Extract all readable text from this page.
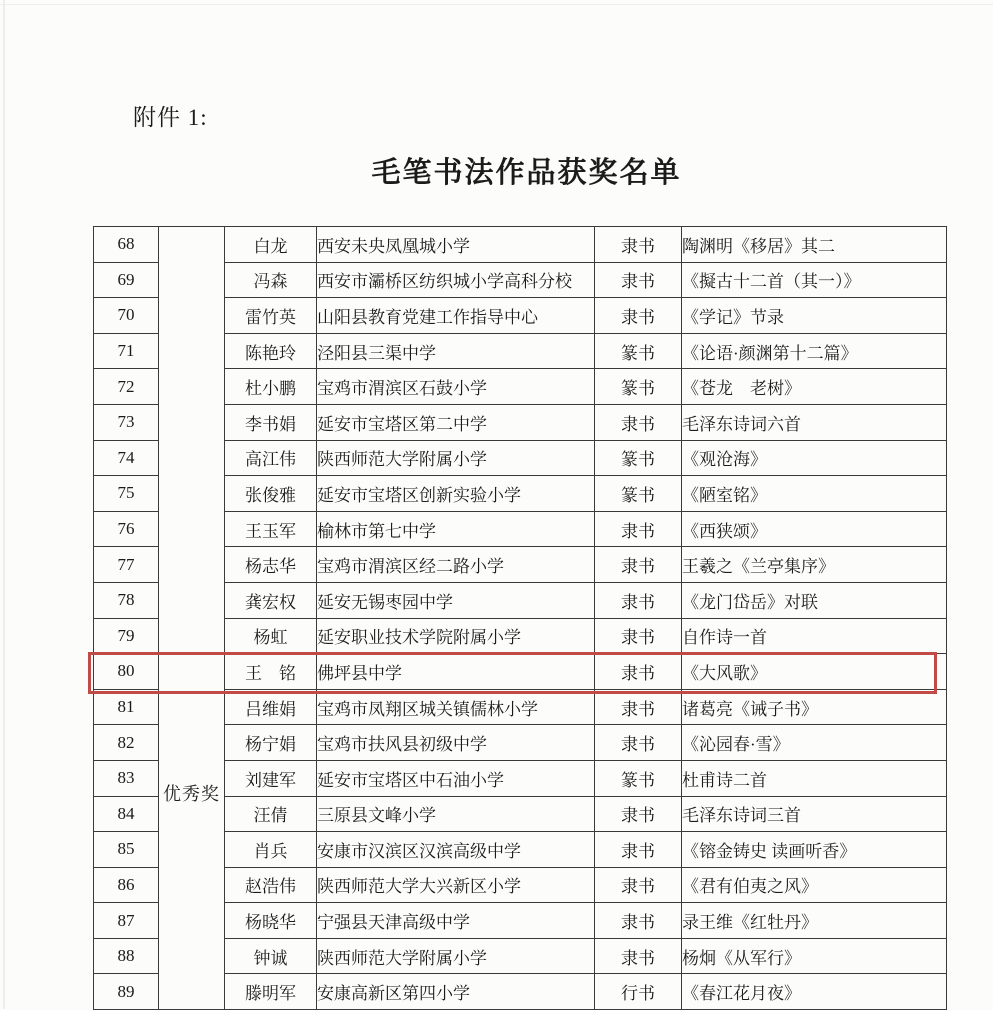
附件 1:
毛笔书法作品获奖名单
68	优秀奖	白龙	西安未央凤凰城小学	隶书	陶渊明《移居》其二
69		冯森	西安市灞桥区纺织城小学高科分校	隶书	《擬古十二首（其一）》
70		雷竹英	山阳县教育党建工作指导中心	隶书	《学记》节录
71		陈艳玲	泾阳县三渠中学	篆书	《论语·颜渊第十二篇》
72		杜小鹏	宝鸡市渭滨区石鼓小学	篆书	《苍龙　老树》
73		李书娟	延安市宝塔区第二中学	隶书	毛泽东诗词六首
74		高江伟	陕西师范大学附属小学	篆书	《观沧海》
75		张俊雅	延安市宝塔区创新实验小学	篆书	《陋室铭》
76		王玉军	榆林市第七中学	隶书	《西狭颂》
77		杨志华	宝鸡市渭滨区经二路小学	隶书	王羲之《兰亭集序》
78		龚宏权	延安无锡枣园中学	隶书	《龙门岱岳》对联
79		杨虹	延安职业技术学院附属小学	隶书	自作诗一首
80		王　铭	佛坪县中学	隶书	《大风歌》
81		吕维娟	宝鸡市凤翔区城关镇儒林小学	隶书	诸葛亮《诫子书》
82		杨宁娟	宝鸡市扶风县初级中学	隶书	《沁园春·雪》
83		刘建军	延安市宝塔区中石油小学	篆书	杜甫诗二首
84		汪倩	三原县文峰小学	隶书	毛泽东诗词三首
85		肖兵	安康市汉滨区汉滨高级中学	隶书	《镕金铸史 读画听香》
86		赵浩伟	陕西师范大学大兴新区小学	隶书	《君有伯夷之风》
87		杨晓华	宁强县天津高级中学	隶书	录王维《红牡丹》
88		钟诚	陕西师范大学附属小学	隶书	杨炯《从军行》
89		滕明军	安康高新区第四小学	行书	《春江花月夜》
